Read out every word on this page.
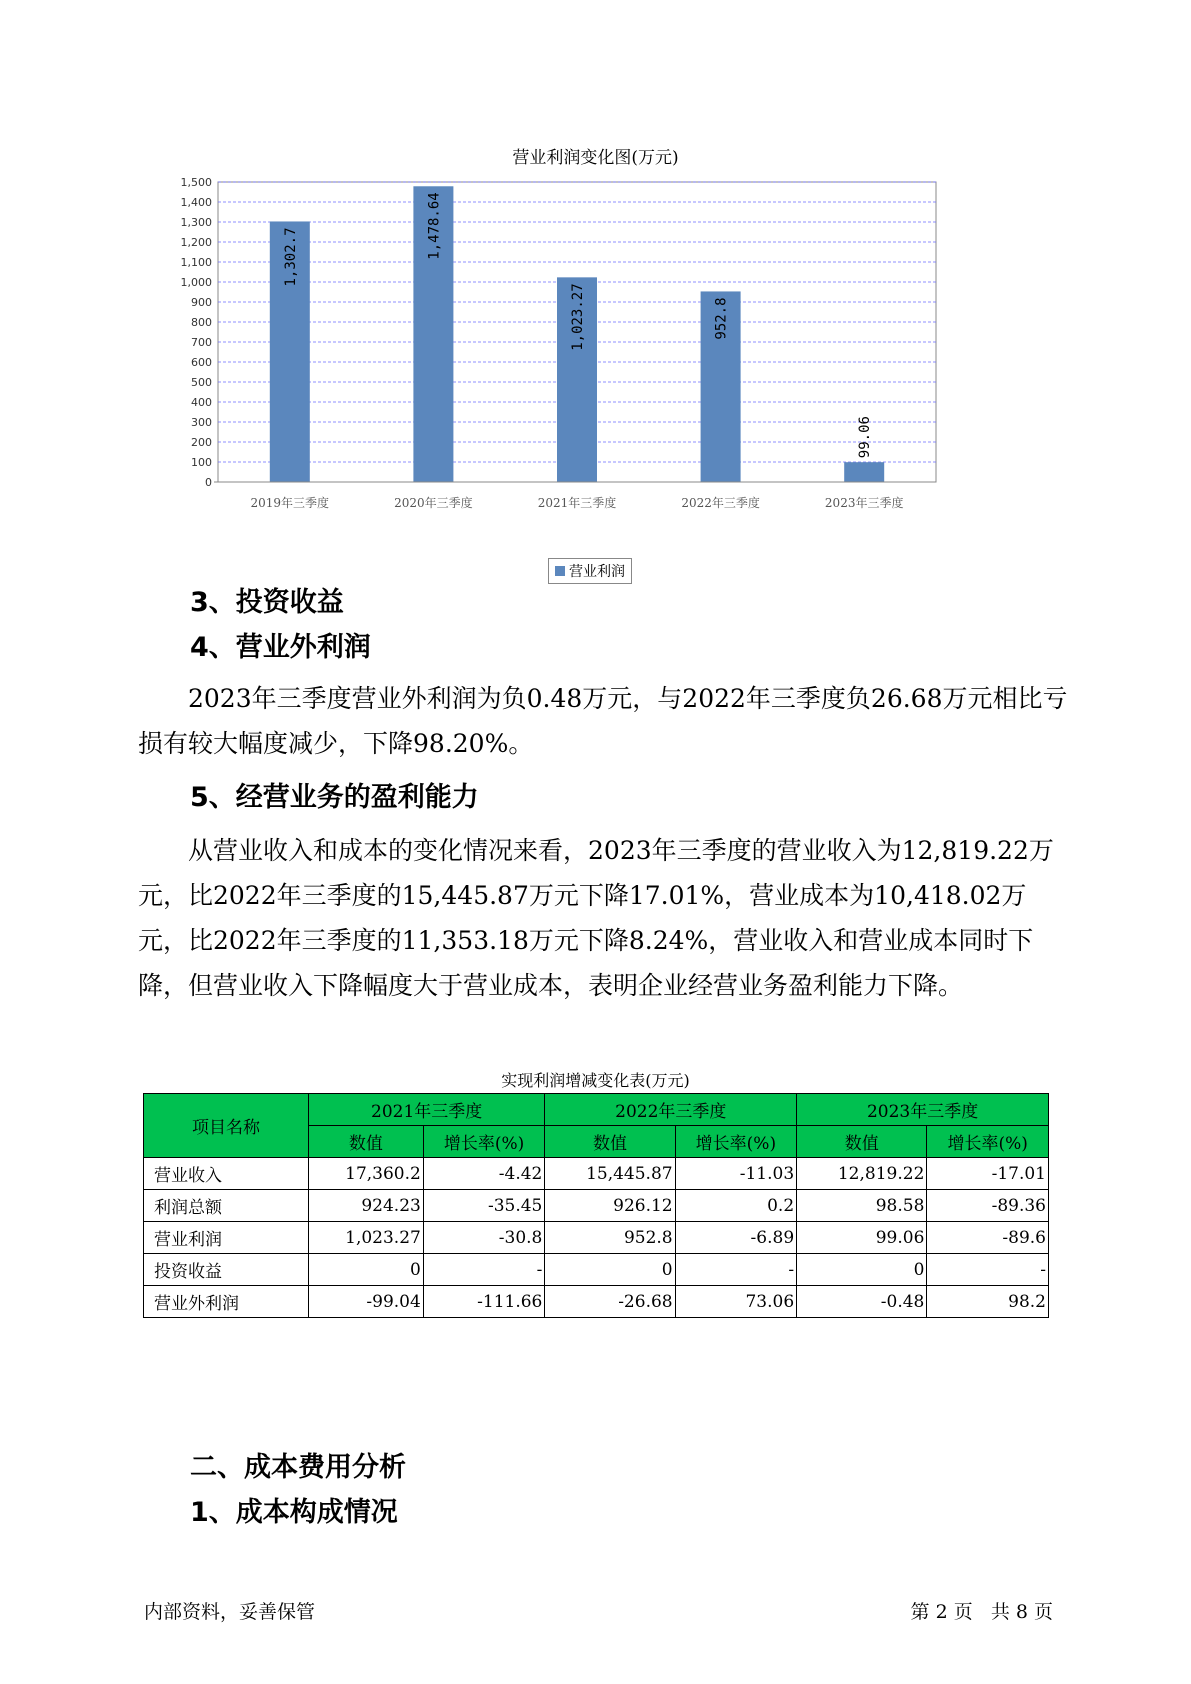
营业利润变化图(万元)
0
100
200
300
400
500
600
700
800
900
1,000
1,100
1,200
1,300
1,400
1,500
1,302.7
2019年三季度
1,478.64
2020年三季度
1,023.27
2021年三季度
952.8
2022年三季度
99.06
2023年三季度
营业利润
3、投资收益
4、营业外利润
2023年三季度营业外利润为负0.48万元，与2022年三季度负26.68万元相比亏损有较大幅度减少，下降98.20%。
5、经营业务的盈利能力
从营业收入和成本的变化情况来看，2023年三季度的营业收入为12,819.22万元，比2022年三季度的15,445.87万元下降17.01%，营业成本为10,418.02万元，比2022年三季度的11,353.18万元下降8.24%，营业收入和营业成本同时下降，但营业收入下降幅度大于营业成本，表明企业经营业务盈利能力下降。
实现利润增减变化表(万元)
项目名称	2021年三季度		2022年三季度		2023年三季度	
	数值	增长率(%)	数值	增长率(%)	数值	增长率(%)
营业收入	17,360.2	-4.42	15,445.87	-11.03	12,819.22	-17.01
利润总额	924.23	-35.45	926.12	0.2	98.58	-89.36
营业利润	1,023.27	-30.8	952.8	-6.89	99.06	-89.6
投资收益	0	-	0	-	0	-
营业外利润	-99.04	-111.66	-26.68	73.06	-0.48	98.2
二、成本费用分析
1、成本构成情况
内部资料，妥善保管	第 2 页   共 8 页
